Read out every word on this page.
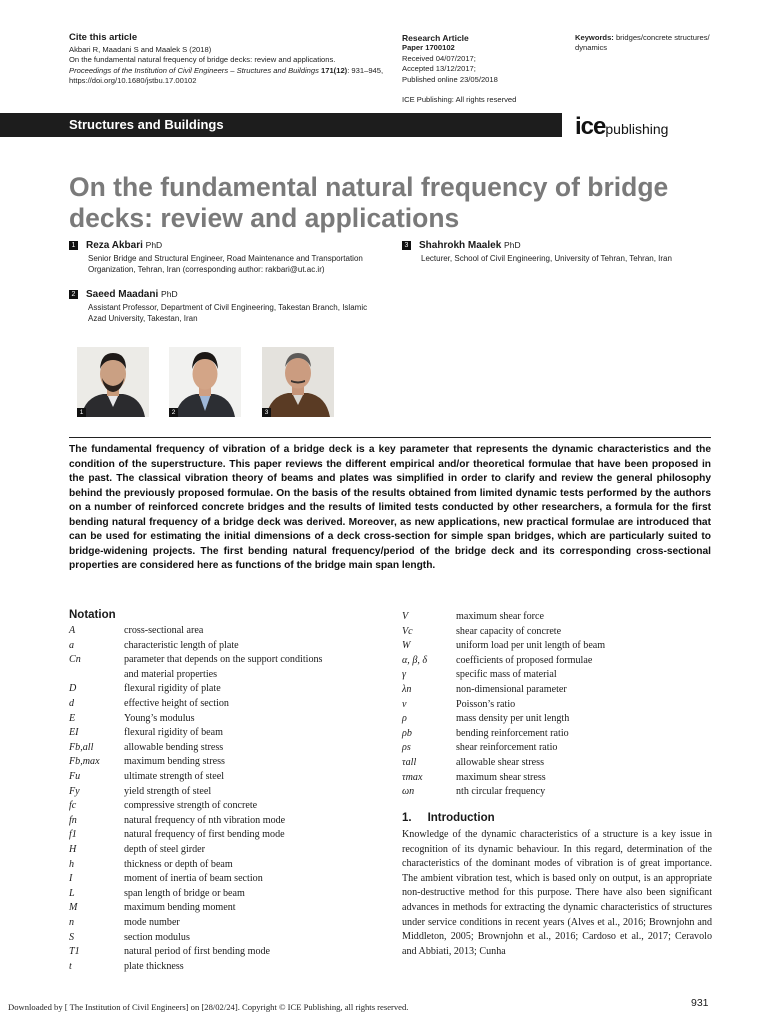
Cite this article
Akbari R, Maadani S and Maalek S (2018)
On the fundamental natural frequency of bridge decks: review and applications.
Proceedings of the Institution of Civil Engineers – Structures and Buildings 171(12): 931–945,
https://doi.org/10.1680/jstbu.17.00102
Research Article
Paper 1700102
Received 04/07/2017;
Accepted 13/12/2017;
Published online 23/05/2018
ICE Publishing: All rights reserved
Keywords: bridges/concrete structures/ dynamics
Structures and Buildings	icepublishing
On the fundamental natural frequency of bridge decks: review and applications
1 Reza Akbari PhD
Senior Bridge and Structural Engineer, Road Maintenance and Transportation Organization, Tehran, Iran (corresponding author: rakbari@ut.ac.ir)
2 Saeed Maadani PhD
Assistant Professor, Department of Civil Engineering, Takestan Branch, Islamic Azad University, Takestan, Iran
3 Shahrokh Maalek PhD
Lecturer, School of Civil Engineering, University of Tehran, Tehran, Iran
1	2	3
The fundamental frequency of vibration of a bridge deck is a key parameter that represents the dynamic characteristics and the condition of the superstructure. This paper reviews the different empirical and/or theoretical formulae that have been proposed in the past. The classical vibration theory of beams and plates was simplified in order to clarify and review the general philosophy behind the previously proposed formulae. On the basis of the results obtained from limited dynamic tests performed by the authors on a number of reinforced concrete bridges and the results of limited tests conducted by other researchers, a formula for the first bending natural frequency of a bridge deck was derived. Moreover, as new applications, new practical formulae are introduced that can be used for estimating the initial dimensions of a deck cross-section for simple span bridges, which are particularly suited to bridge-widening projects. The first bending natural frequency/period of the bridge deck and its corresponding cross-sectional properties are considered here as functions of the bridge main span length.
Notation
A	cross-sectional area
a	characteristic length of plate
Cn	parameter that depends on the support conditions
and material properties
D	flexural rigidity of plate
d	effective height of section
E	Young’s modulus
EI	flexural rigidity of beam
Fb,all	allowable bending stress
Fb,max maximum bending stress
Fu	ultimate strength of steel
Fy	yield strength of steel
fc	compressive strength of concrete
fn	natural frequency of nth vibration mode
f1	natural frequency of first bending mode
H	depth of steel girder
h	thickness or depth of beam
I	moment of inertia of beam section
L	span length of bridge or beam
M	maximum bending moment
n	mode number
S	section modulus
T1	natural period of first bending mode
t	plate thickness
V	maximum shear force
Vc	shear capacity of concrete
W	uniform load per unit length of beam
α, β, δ	coefficients of proposed formulae
γ	specific mass of material
λn	non-dimensional parameter
ν	Poisson’s ratio
ρ	mass density per unit length
ρb	bending reinforcement ratio
ρs	shear reinforcement ratio
τall	allowable shear stress
τmax	maximum shear stress
ωn	nth circular frequency
1.     Introduction
Knowledge of the dynamic characteristics of a structure is a key issue in recognition of its dynamic behaviour. In this regard, determination of the characteristics of the dominant modes of vibration is of great importance. The ambient vibration test, which is based only on output, is an appropriate non-destructive method for this purpose. There have also been significant advances in methods for extracting the dynamic characteristics of structures under service conditions in recent years (Alves et al., 2016; Brownjohn and Middleton, 2005; Brownjohn et al., 2016; Cardoso et al., 2017; Ceravolo and Abbiati, 2013; Cunha
Downloaded by [ The Institution of Civil Engineers] on [28/02/24]. Copyright © ICE Publishing, all rights reserved.	931
